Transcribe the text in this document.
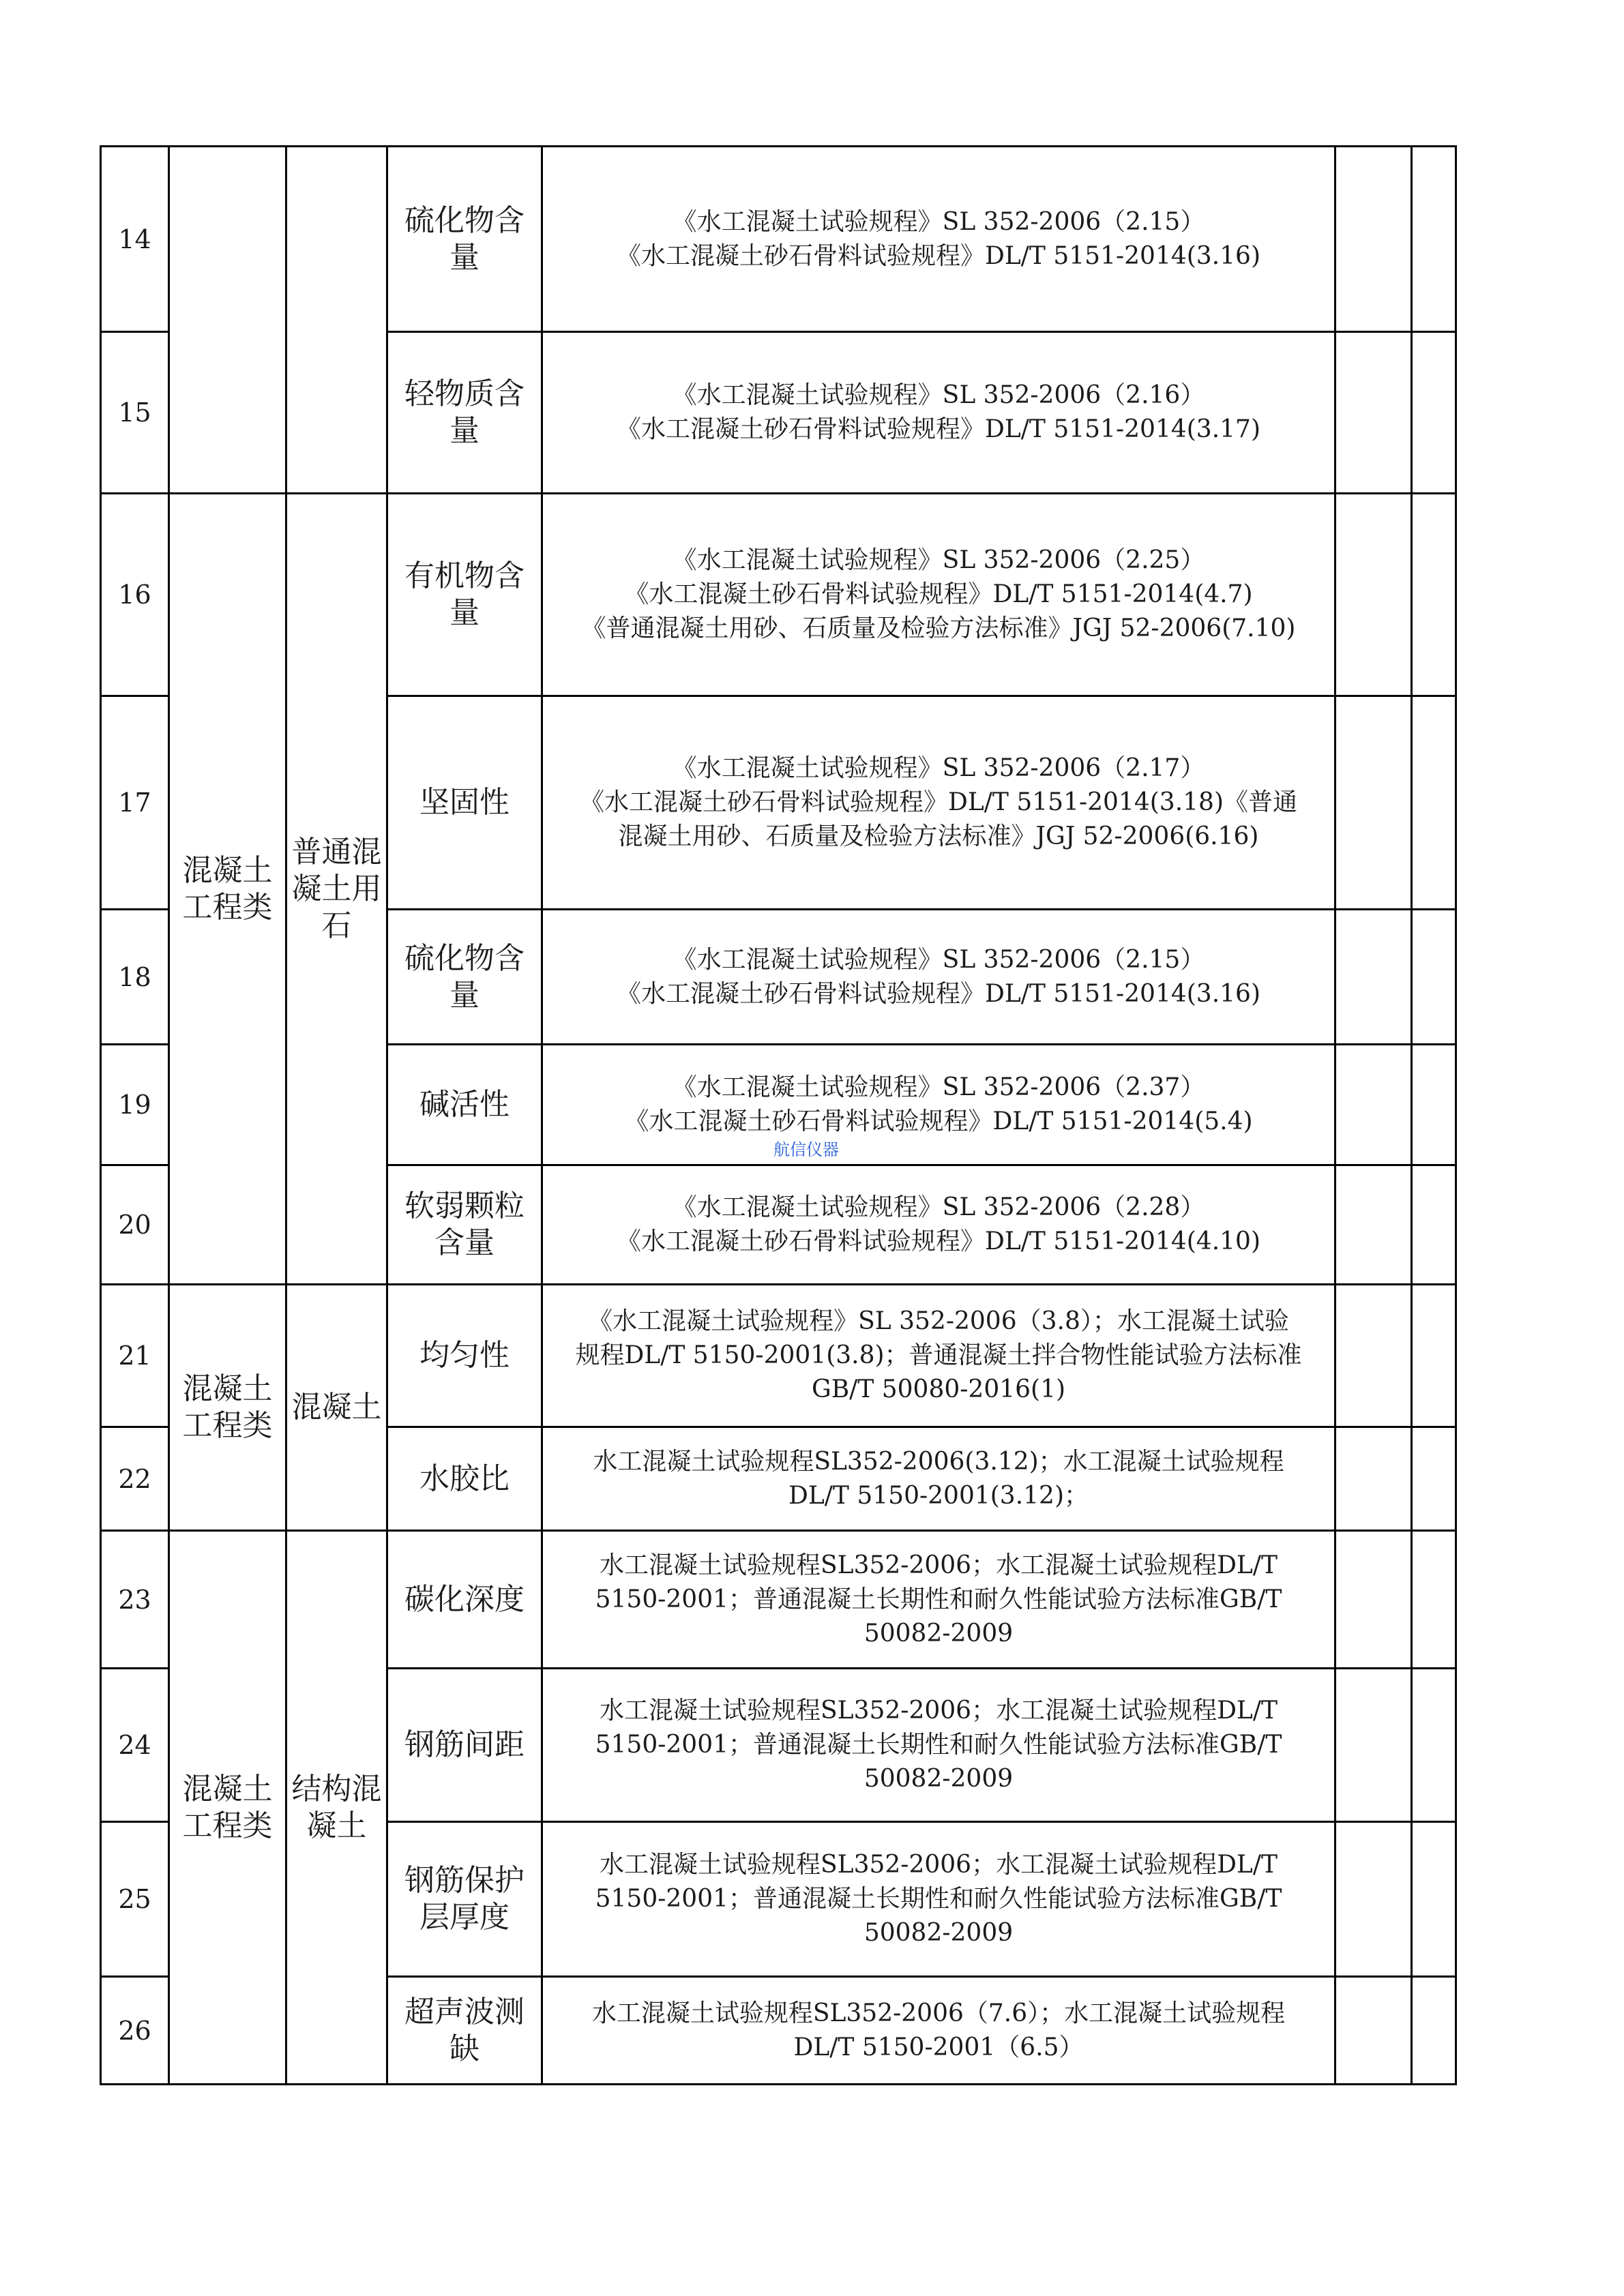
14			硫化物含
量	《水工混凝土试验规程》SL 352-2006（2.15）
《水工混凝土砂石骨料试验规程》DL/T 5151-2014(3.16)		

15			轻物质含
量	《水工混凝土试验规程》SL 352-2006（2.16）
《水工混凝土砂石骨料试验规程》DL/T 5151-2014(3.17)		

16	混凝土
工程类	普通混
凝土用
石	有机物含
量	《水工混凝土试验规程》SL 352-2006（2.25）
《水工混凝土砂石骨料试验规程》DL/T 5151-2014(4.7)
《普通混凝土用砂、石质量及检验方法标准》JGJ 52-2006(7.10)		

17			坚固性	《水工混凝土试验规程》SL 352-2006（2.17）
《水工混凝土砂石骨料试验规程》DL/T 5151-2014(3.18)《普通
混凝土用砂、石质量及检验方法标准》JGJ 52-2006(6.16)		

18			硫化物含
量	《水工混凝土试验规程》SL 352-2006（2.15）
《水工混凝土砂石骨料试验规程》DL/T 5151-2014(3.16)		

19			碱活性	《水工混凝土试验规程》SL 352-2006（2.37）
《水工混凝土砂石骨料试验规程》DL/T 5151-2014(5.4)		

20			软弱颗粒
含量	《水工混凝土试验规程》SL 352-2006（2.28）
《水工混凝土砂石骨料试验规程》DL/T 5151-2014(4.10)		

21	混凝土
工程类	混凝土	均匀性	《水工混凝土试验规程》SL 352-2006（3.8）；水工混凝土试验
规程DL/T 5150-2001(3.8)；普通混凝土拌合物性能试验方法标准
GB/T 50080-2016(1)		

22			水胶比	水工混凝土试验规程SL352-2006(3.12)；水工混凝土试验规程
DL/T 5150-2001(3.12)；		

23	混凝土
工程类	结构混
凝土	碳化深度	水工混凝土试验规程SL352-2006；水工混凝土试验规程DL/T
5150-2001；普通混凝土长期性和耐久性能试验方法标准GB/T
50082-2009		

24			钢筋间距	水工混凝土试验规程SL352-2006；水工混凝土试验规程DL/T
5150-2001；普通混凝土长期性和耐久性能试验方法标准GB/T
50082-2009		

25			钢筋保护
层厚度	水工混凝土试验规程SL352-2006；水工混凝土试验规程DL/T
5150-2001；普通混凝土长期性和耐久性能试验方法标准GB/T
50082-2009		

26			超声波测
缺	水工混凝土试验规程SL352-2006（7.6）；水工混凝土试验规程
DL/T 5150-2001（6.5）		

航信仪器
